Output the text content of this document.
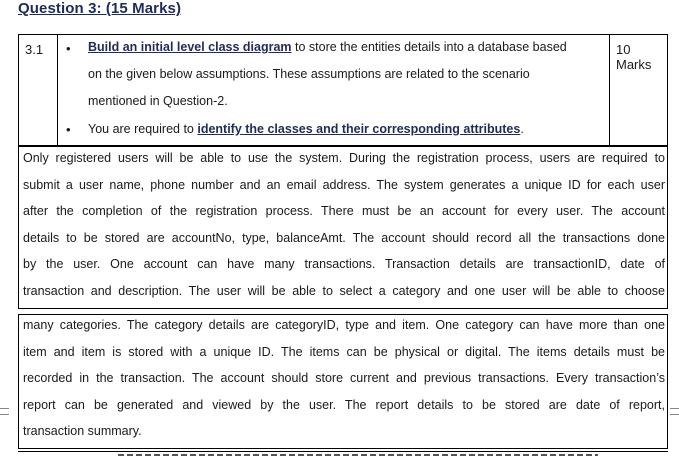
Question 3: (15 Marks)
3.1	• Build an initial level class diagram to store the entities details into a database based
on the given below assumptions. These assumptions are related to the scenario
mentioned in Question-2.
• You are required to identify the classes and their corresponding attributes.
10 Marks
Only registered users will be able to use the system. During the registration process, users are required to
submit a user name, phone number and an email address. The system generates a unique ID for each user
after the completion of the registration process. There must be an account for every user. The account
details to be stored are accountNo, type, balanceAmt. The account should record all the transactions done
by the user. One account can have many transactions. Transaction details are transactionID, date of
transaction and description. The user will be able to select a category and one user will be able to choose
many categories. The category details are categoryID, type and item. One category can have more than one
item and item is stored with a unique ID. The items can be physical or digital. The items details must be
recorded in the transaction. The account should store current and previous transactions. Every transaction’s
report can be generated and viewed by the user. The report details to be stored are date of report,
transaction summary.
